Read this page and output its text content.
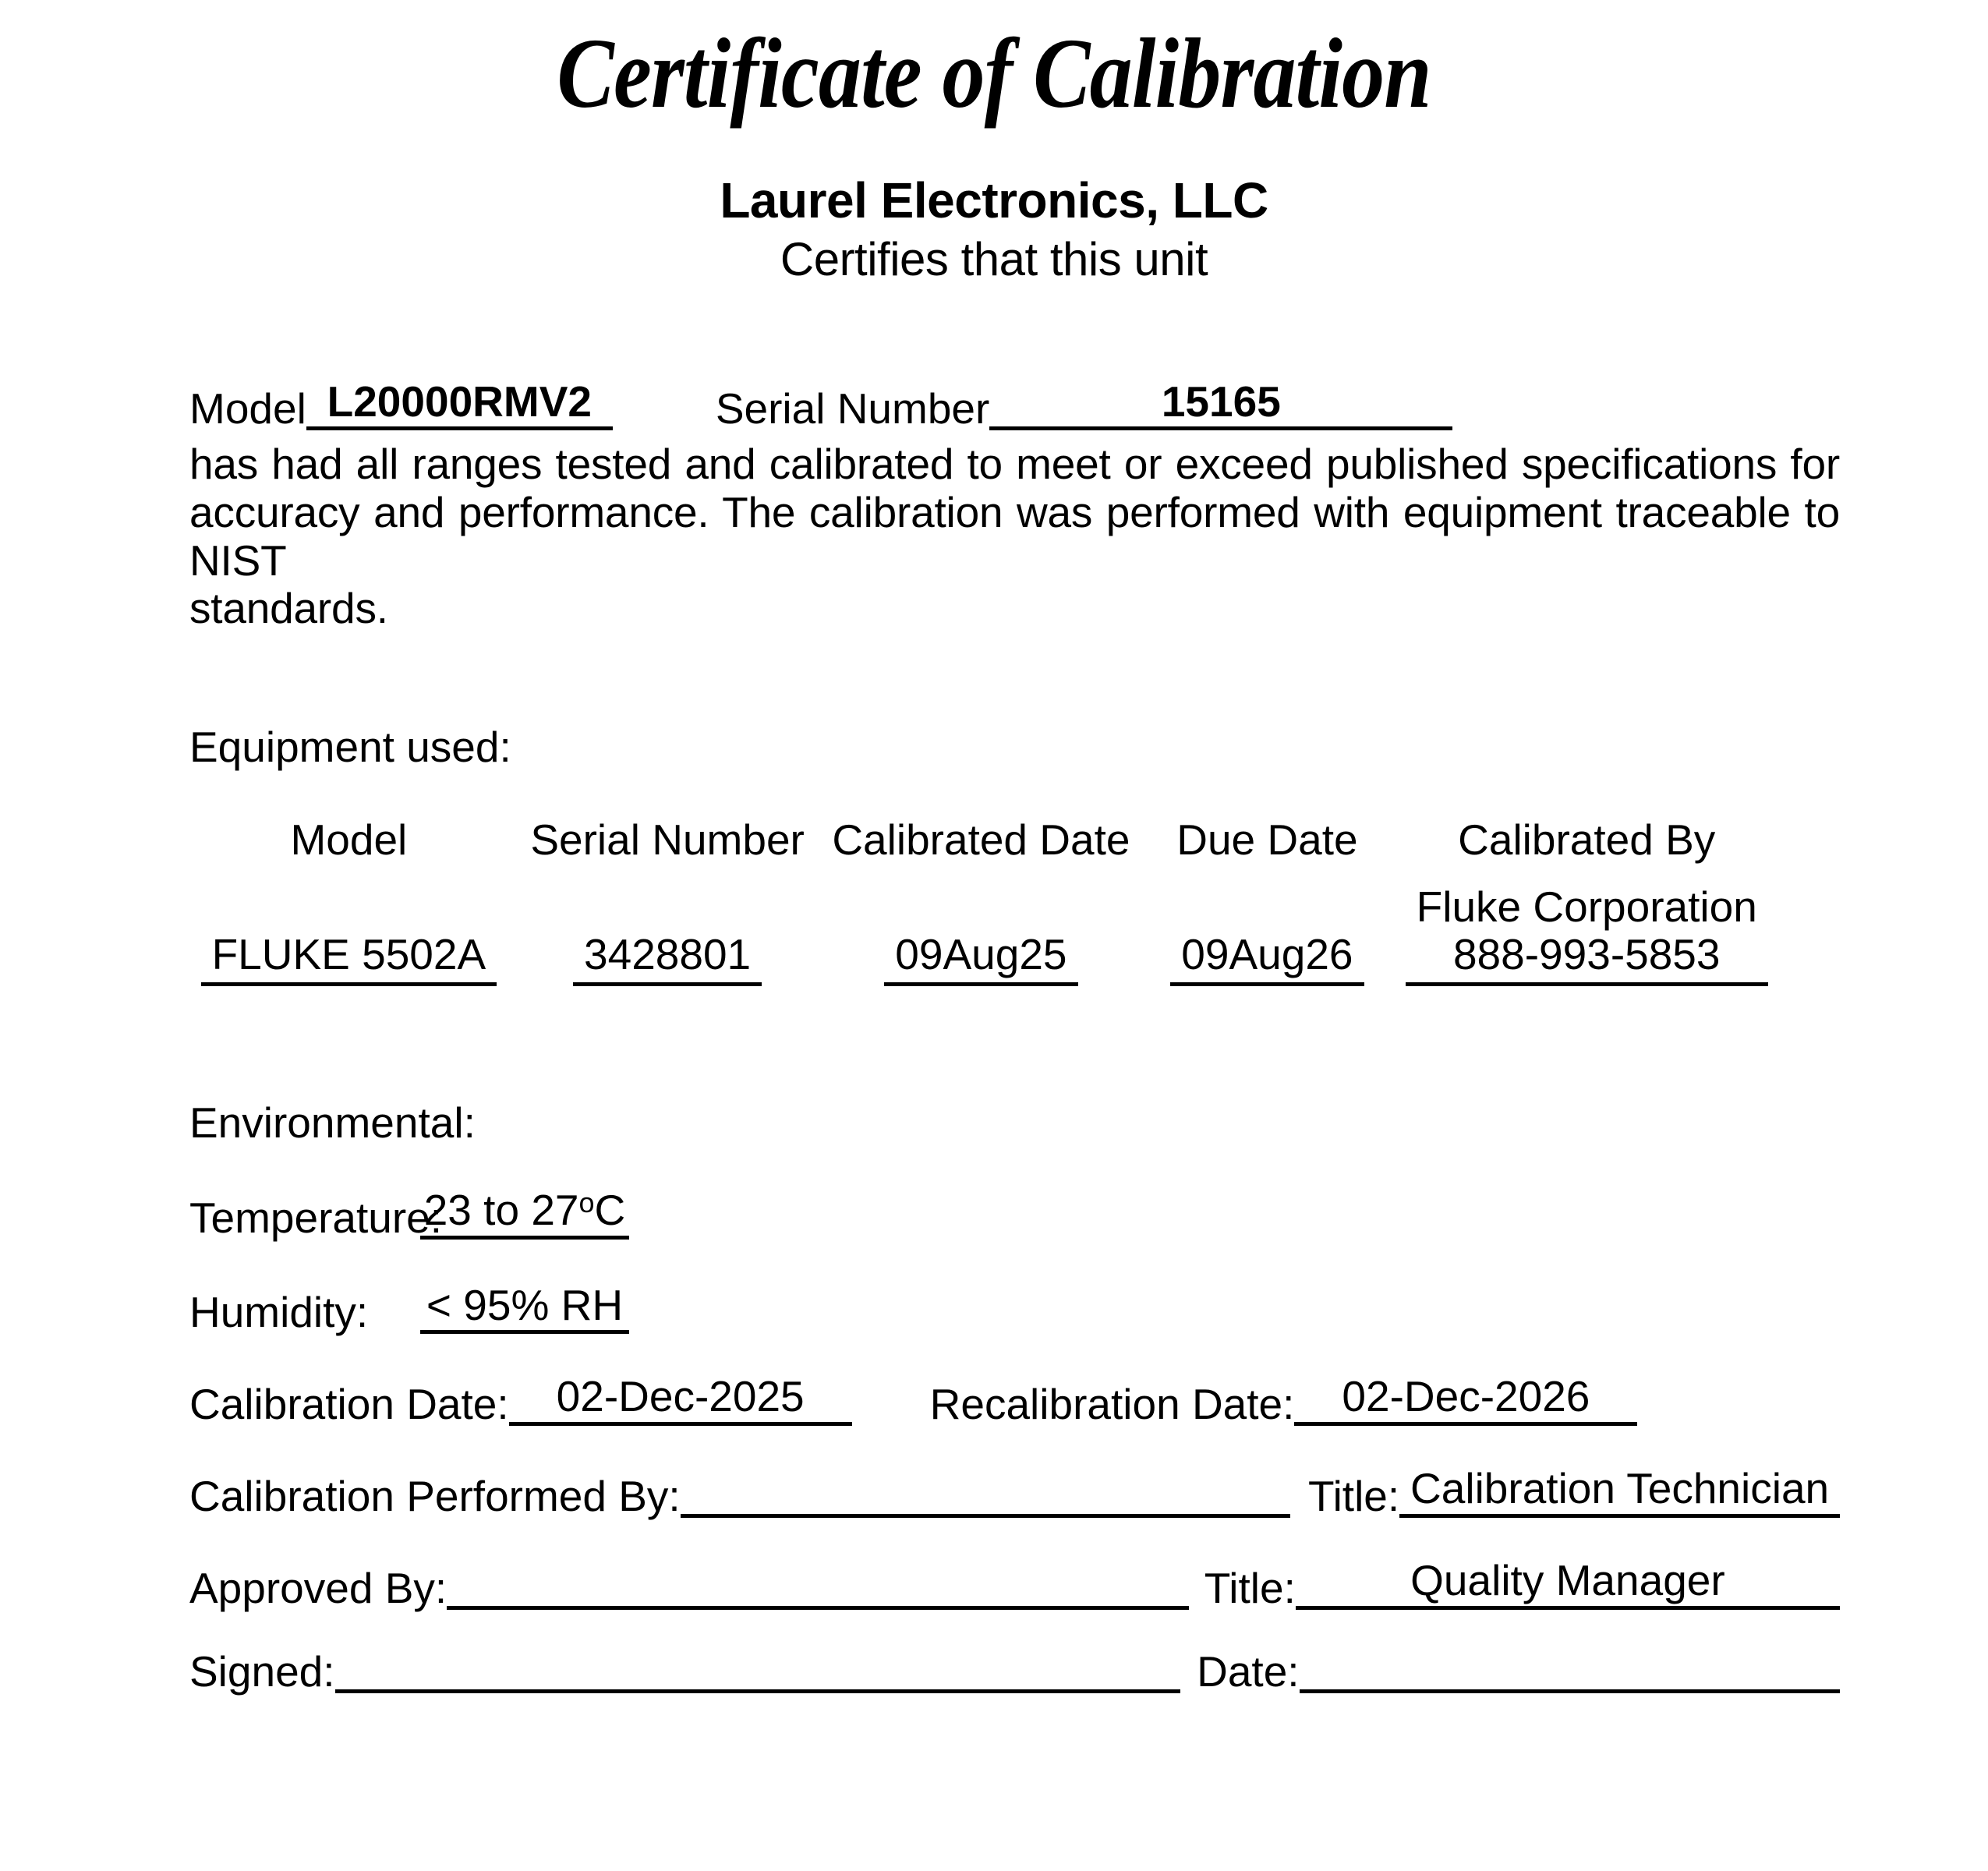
Certificate of Calibration
Laurel Electronics, LLC
Certifies that this unit
Model L20000RMV2	Serial Number	15165
has had all ranges tested and calibrated to meet or exceed published specifications for accuracy and performance. The calibration was performed with equipment traceable to NIST
standards.
Equipment used:
Model	Serial Number	Calibrated Date	Due Date	Calibrated By
FLUKE 5502A	3428801	09Aug25	09Aug26	Fluke Corporation
888-993-5853
Environmental:
Temperature:
23 to 27$^o$C
Humidity:	< 95% RH
Calibration Date:	02-Dec-2025	Recalibration Date:	02-Dec-2026
Calibration Performed By:	Title: Calibration Technician
Approved By:	Title:	Quality Manager
Signed:	Date:
